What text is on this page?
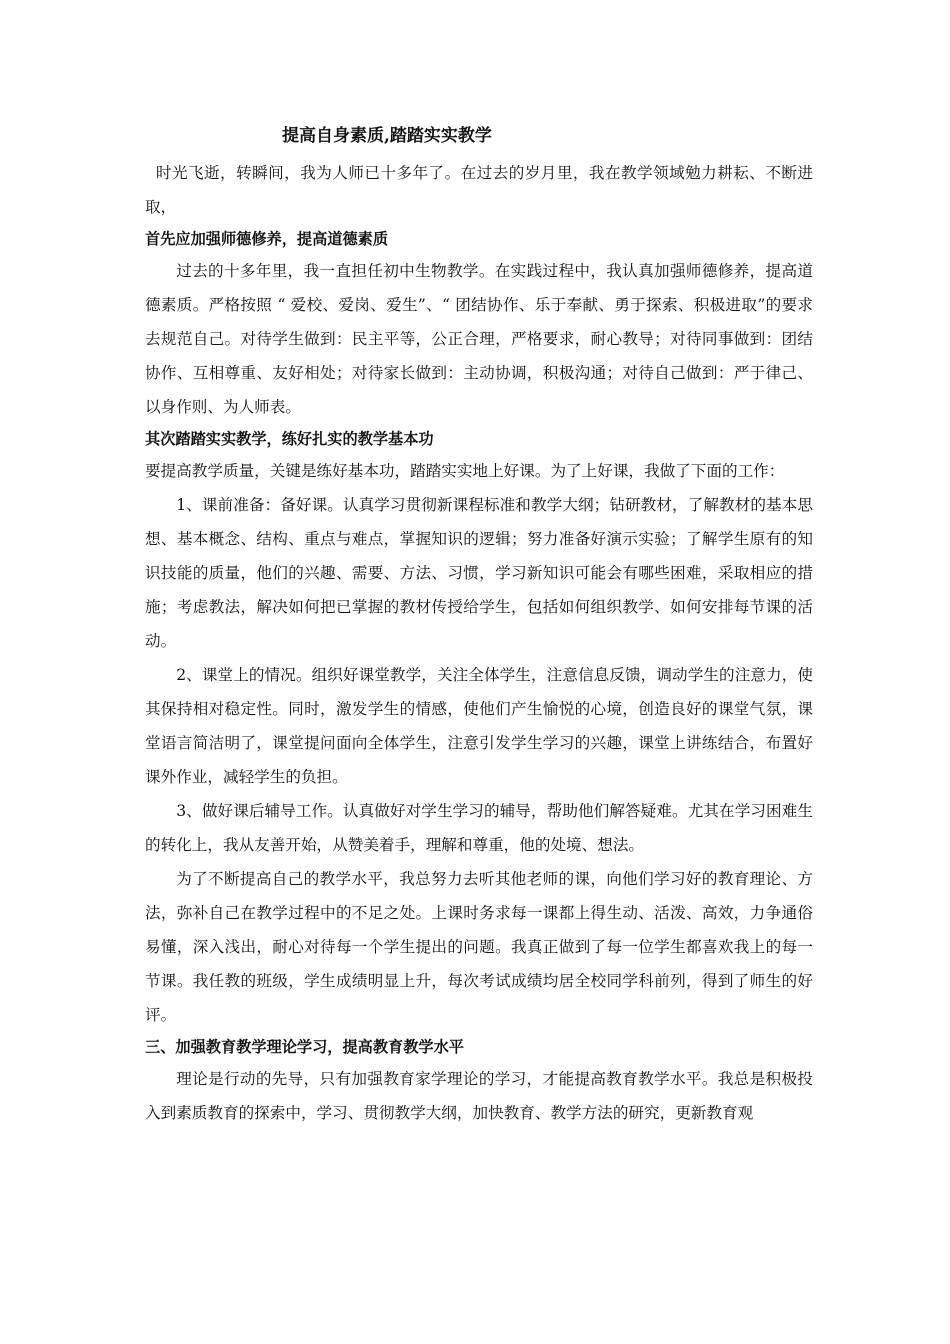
提高自身素质,踏踏实实教学

时光飞逝，转瞬间，我为人师已十多年了。在过去的岁月里，我在教学领域勉力耕耘、不断进取，

首先应加强师德修养，提高道德素质

过去的十多年里，我一直担任初中生物教学。在实践过程中，我认真加强师德修养，提高道德素质。严格按照 “ 爱校、爱岗、爱生”、“ 团结协作、乐于奉献、勇于探索、积极进取”的要求去规范自己。对待学生做到：民主平等，公正合理，严格要求，耐心教导；对待同事做到：团结协作、互相尊重、友好相处；对待家长做到：主动协调，积极沟通；对待自己做到：严于律己、以身作则、为人师表。

其次踏踏实实教学，练好扎实的教学基本功

要提高教学质量，关键是练好基本功，踏踏实实地上好课。为了上好课，我做了下面的工作：

1、课前准备：备好课。认真学习贯彻新课程标准和教学大纲；钻研教材，了解教材的基本思想、基本概念、结构、重点与难点，掌握知识的逻辑；努力准备好演示实验；了解学生原有的知识技能的质量，他们的兴趣、需要、方法、习惯，学习新知识可能会有哪些困难，采取相应的措施；考虑教法，解决如何把已掌握的教材传授给学生，包括如何组织教学、如何安排每节课的活动。

2、课堂上的情况。组织好课堂教学，关注全体学生，注意信息反馈，调动学生的注意力，使其保持相对稳定性。同时，激发学生的情感，使他们产生愉悦的心境，创造良好的课堂气氛，课堂语言简洁明了，课堂提问面向全体学生，注意引发学生学习的兴趣，课堂上讲练结合，布置好课外作业，减轻学生的负担。

3、做好课后辅导工作。认真做好对学生学习的辅导，帮助他们解答疑难。尤其在学习困难生的转化上，我从友善开始，从赞美着手，理解和尊重，他的处境、想法。

为了不断提高自己的教学水平，我总努力去听其他老师的课，向他们学习好的教育理论、方法，弥补自己在教学过程中的不足之处。上课时务求每一课都上得生动、活泼、高效，力争通俗易懂，深入浅出，耐心对待每一个学生提出的问题。我真正做到了每一位学生都喜欢我上的每一节课。我任教的班级，学生成绩明显上升，每次考试成绩均居全校同学科前列，得到了师生的好评。

三、加强教育教学理论学习，提高教育教学水平

理论是行动的先导，只有加强教育家学理论的学习，才能提高教育教学水平。我总是积极投入到素质教育的探索中，学习、贯彻教学大纲，加快教育、教学方法的研究，更新教育观
